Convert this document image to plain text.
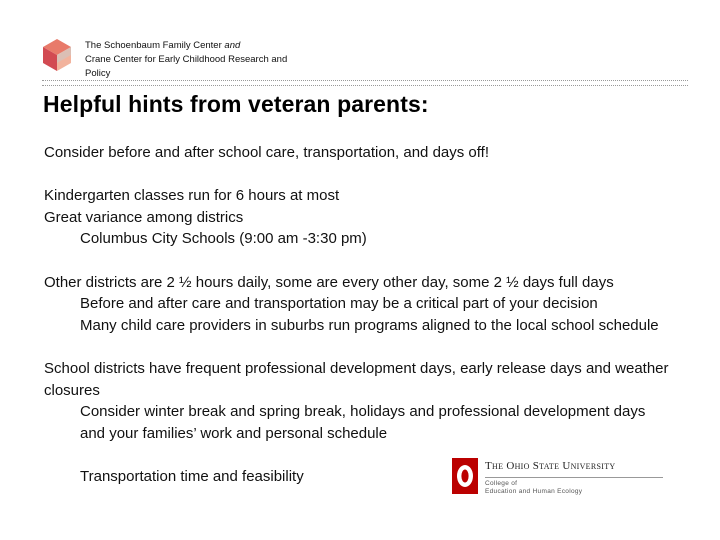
The Schoenbaum Family Center and
Crane Center for Early Childhood Research and
Policy
Helpful hints from veteran parents:

Consider before and after school care, transportation, and days off!

Kindergarten classes run for 6 hours at most

Great variance among districs

Columbus City Schools (9:00 am -3:30 pm)

Other districts are 2 ½ hours daily, some are every other day, some 2 ½ days full days

Before and after care and transportation may be a critical part of your decision

Many child care providers in suburbs run programs aligned to the local school schedule

School districts have frequent professional development days, early release days and weather closures

Consider winter break and spring break, holidays and professional development days and your families’ work and personal schedule

Transportation time and feasibility

The Ohio State University
College of
Education and Human Ecology
